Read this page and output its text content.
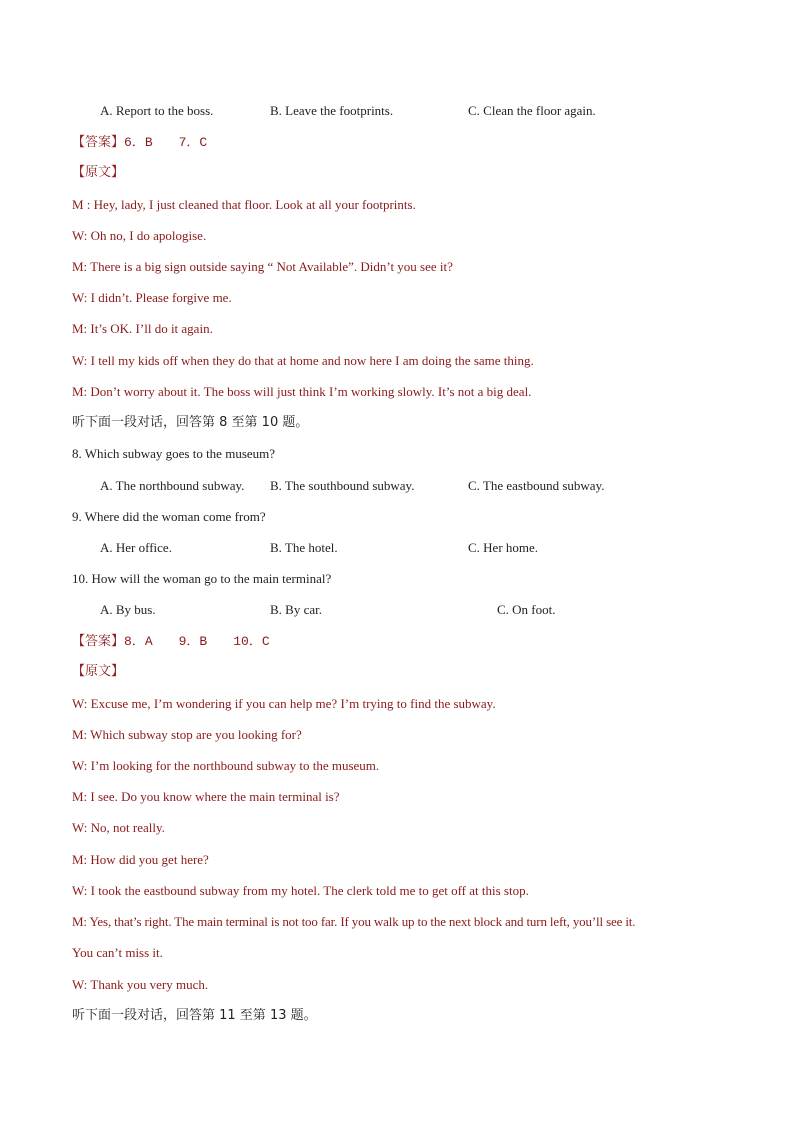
A. Report to the boss.	B. Leave the footprints.	C. Clean the floor again.
【答案】6．B　　7．C
【原文】
M : Hey, lady, I just cleaned that floor. Look at all your footprints.
W: Oh no, I do apologise.
M: There is a big sign outside saying “ Not Available”. Didn’t you see it?
W: I didn’t. Please forgive me.
M: It’s OK. I’ll do it again.
W: I tell my kids off when they do that at home and now here I am doing the same thing.
M: Don’t worry about it. The boss will just think I’m working slowly. It’s not a big deal.
听下面一段对话，回答第 8 至第 10 题。
8. Which subway goes to the museum?
A. The northbound subway. B. The southbound subway.	C. The eastbound subway.
9. Where did the woman come from?
A. Her office.	B. The hotel.	C. Her home.
10. How will the woman go to the main terminal?
A. By bus.	B. By car.	C. On foot.
【答案】8．A　　9．B　　10．C
【原文】
W: Excuse me, I’m wondering if you can help me? I’m trying to find the subway.
M: Which subway stop are you looking for?
W: I’m looking for the northbound subway to the museum.
M: I see. Do you know where the main terminal is?
W: No, not really.
M: How did you get here?
W: I took the eastbound subway from my hotel. The clerk told me to get off at this stop.
M: Yes, that’s right. The main terminal is not too far. If you walk up to the next block and turn left, you’ll see it.
You can’t miss it.
W: Thank you very much.
听下面一段对话，回答第 11 至第 13 题。
